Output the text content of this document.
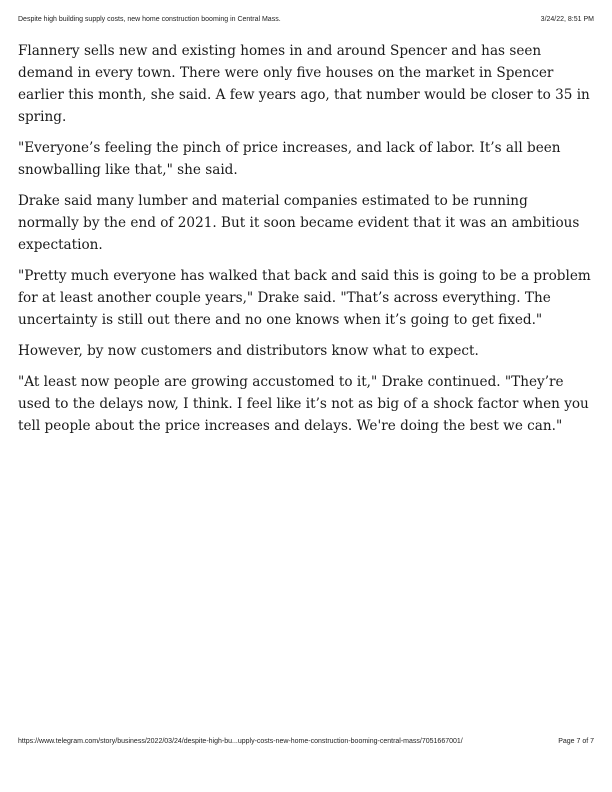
Despite high building supply costs, new home construction booming in Central Mass.	3/24/22, 8:51 PM

Flannery sells new and existing homes in and around Spencer and has seen demand in every town. There were only five houses on the market in Spencer earlier this month, she said. A few years ago, that number would be closer to 35 in spring.

"Everyone’s feeling the pinch of price increases, and lack of labor. It’s all been snowballing like that," she said.

Drake said many lumber and material companies estimated to be running normally by the end of 2021. But it soon became evident that it was an ambitious expectation.

"Pretty much everyone has walked that back and said this is going to be a problem for at least another couple years," Drake said. "That’s across everything. The uncertainty is still out there and no one knows when it’s going to get fixed."

However, by now customers and distributors know what to expect.

"At least now people are growing accustomed to it," Drake continued. "They’re used to the delays now, I think. I feel like it’s not as big of a shock factor when you tell people about the price increases and delays. We're doing the best we can."

https://www.telegram.com/story/business/2022/03/24/despite-high-bu...upply-costs-new-home-construction-booming-central-mass/7051667001/	Page 7 of 7
